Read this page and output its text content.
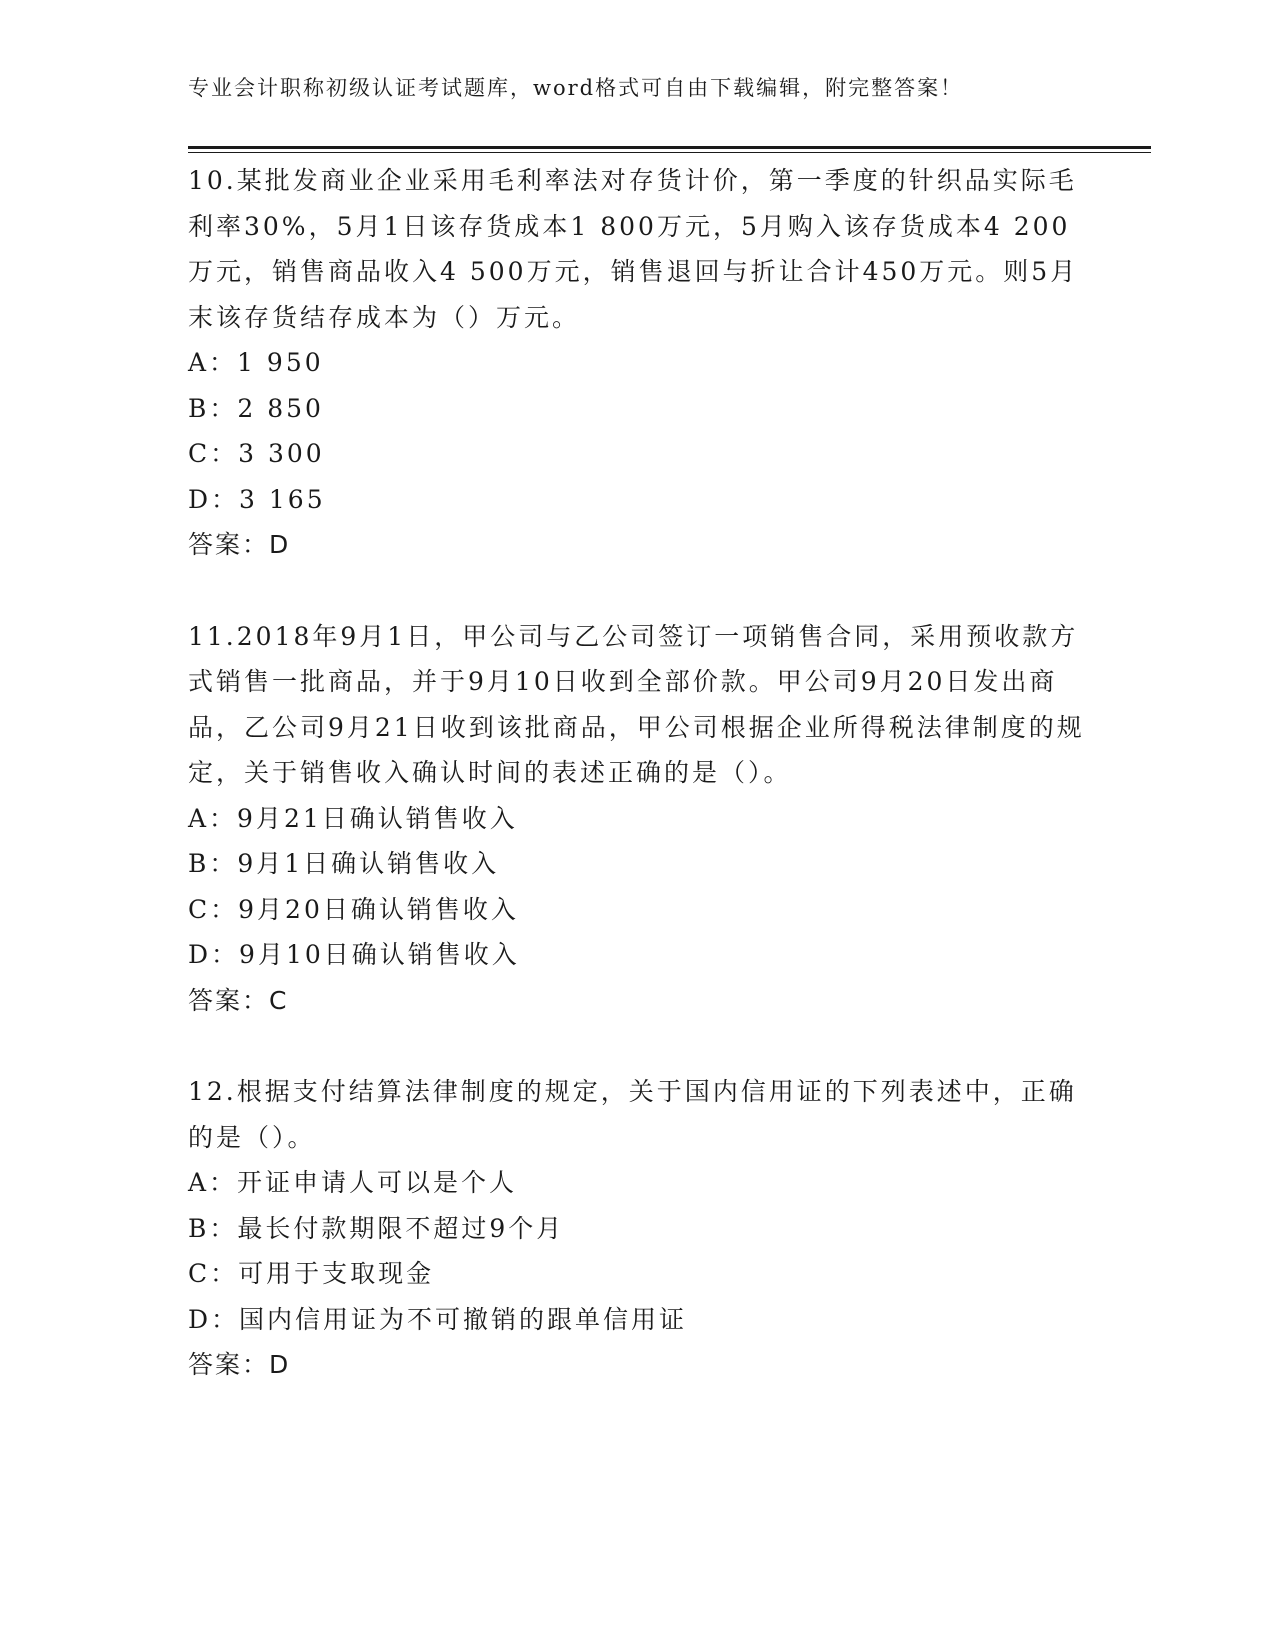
专业会计职称初级认证考试题库，word格式可自由下载编辑，附完整答案！
10.某批发商业企业采用毛利率法对存货计价，第一季度的针织品实际毛利率30%，5月1日该存货成本1 800万元，5月购入该存货成本4 200万元，销售商品收入4 500万元，销售退回与折让合计450万元。则5月末该存货结存成本为（）万元。
A：1 950
B：2 850
C：3 300
D：3 165
答案：D
11.2018年9月1日，甲公司与乙公司签订一项销售合同，采用预收款方式销售一批商品，并于9月10日收到全部价款。甲公司9月20日发出商品，乙公司9月21日收到该批商品，甲公司根据企业所得税法律制度的规定，关于销售收入确认时间的表述正确的是（）。
A：9月21日确认销售收入
B：9月1日确认销售收入
C：9月20日确认销售收入
D：9月10日确认销售收入
答案：C
12.根据支付结算法律制度的规定，关于国内信用证的下列表述中，正确的是（）。
A：开证申请人可以是个人
B：最长付款期限不超过9个月
C：可用于支取现金
D：国内信用证为不可撤销的跟单信用证
答案：D
